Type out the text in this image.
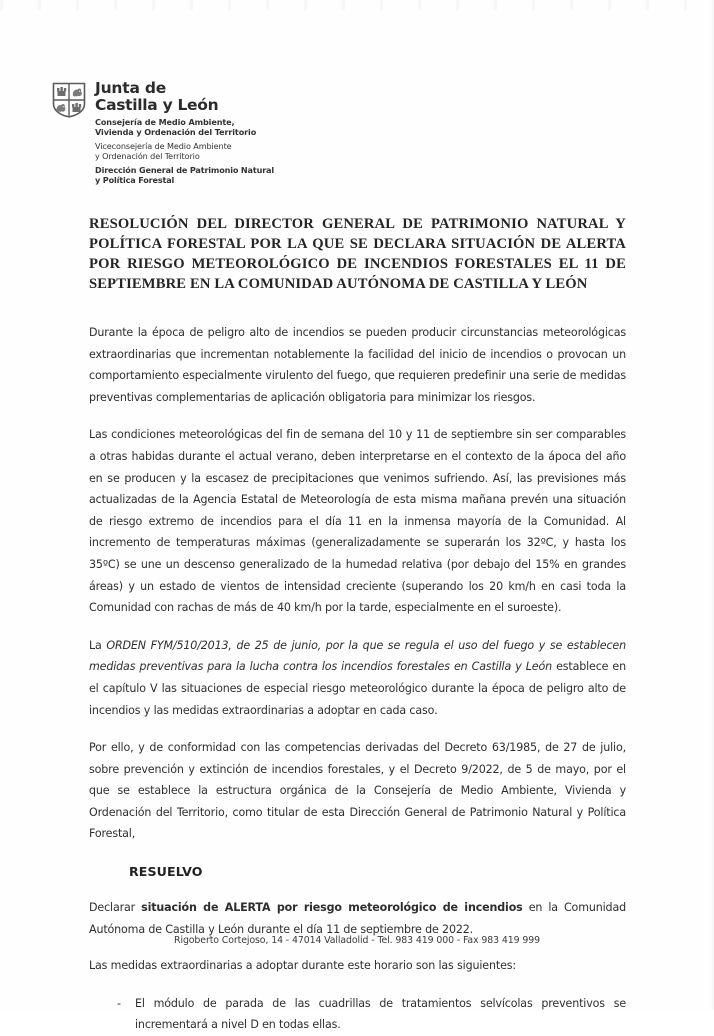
Junta de
Castilla y León
Consejería de Medio Ambiente,
Vivienda y Ordenación del Territorio
Viceconsejería de Medio Ambiente
y Ordenación del Territorio
Dirección General de Patrimonio Natural
y Política Forestal
RESOLUCIÓN DEL DIRECTOR GENERAL DE PATRIMONIO NATURAL Y POLÍTICA FORESTAL POR LA QUE SE DECLARA SITUACIÓN DE ALERTA POR RIESGO METEOROLÓGICO DE INCENDIOS FORESTALES EL 11 DE SEPTIEMBRE EN LA COMUNIDAD AUTÓNOMA DE CASTILLA Y LEÓN

Durante la época de peligro alto de incendios se pueden producir circunstancias meteorológicas extraordinarias que incrementan notablemente la facilidad del inicio de incendios o provocan un comportamiento especialmente virulento del fuego, que requieren predefinir una serie de medidas preventivas complementarias de aplicación obligatoria para minimizar los riesgos.

Las condiciones meteorológicas del fin de semana del 10 y 11 de septiembre sin ser comparables a otras habidas durante el actual verano, deben interpretarse en el contexto de la ápoca del año en se producen y la escasez de precipitaciones que venimos sufriendo. Así, las previsiones más actualizadas de la Agencia Estatal de Meteorología de esta misma mañana prevén una situación de riesgo extremo de incendios para el día 11 en la inmensa mayoría de la Comunidad. Al incremento de temperaturas máximas (generalizadamente se superarán los 32ºC, y hasta los 35ºC) se une un descenso generalizado de la humedad relativa (por debajo del 15% en grandes áreas) y un estado de vientos de intensidad creciente (superando los 20 km/h en casi toda la Comunidad con rachas de más de 40 km/h por la tarde, especialmente en el suroeste).

La ORDEN FYM/510/2013, de 25 de junio, por la que se regula el uso del fuego y se establecen medidas preventivas para la lucha contra los incendios forestales en Castilla y León establece en el capítulo V las situaciones de especial riesgo meteorológico durante la época de peligro alto de incendios y las medidas extraordinarias a adoptar en cada caso.

Por ello, y de conformidad con las competencias derivadas del Decreto 63/1985, de 27 de julio, sobre prevención y extinción de incendios forestales, y el Decreto 9/2022, de 5 de mayo, por el que se establece la estructura orgánica de la Consejería de Medio Ambiente, Vivienda y Ordenación del Territorio, como titular de esta Dirección General de Patrimonio Natural y Política Forestal,

RESUELVO

Declarar situación de ALERTA por riesgo meteorológico de incendios en la Comunidad Autónoma de Castilla y León durante el día 11 de septiembre de 2022.

Las medidas extraordinarias a adoptar durante este horario son las siguientes:

-	El módulo de parada de las cuadrillas de tratamientos selvícolas preventivos se incrementará a nivel D en todas ellas.
Rigoberto Cortejoso, 14 - 47014 Valladolid - Tel. 983 419 000 - Fax 983 419 999
